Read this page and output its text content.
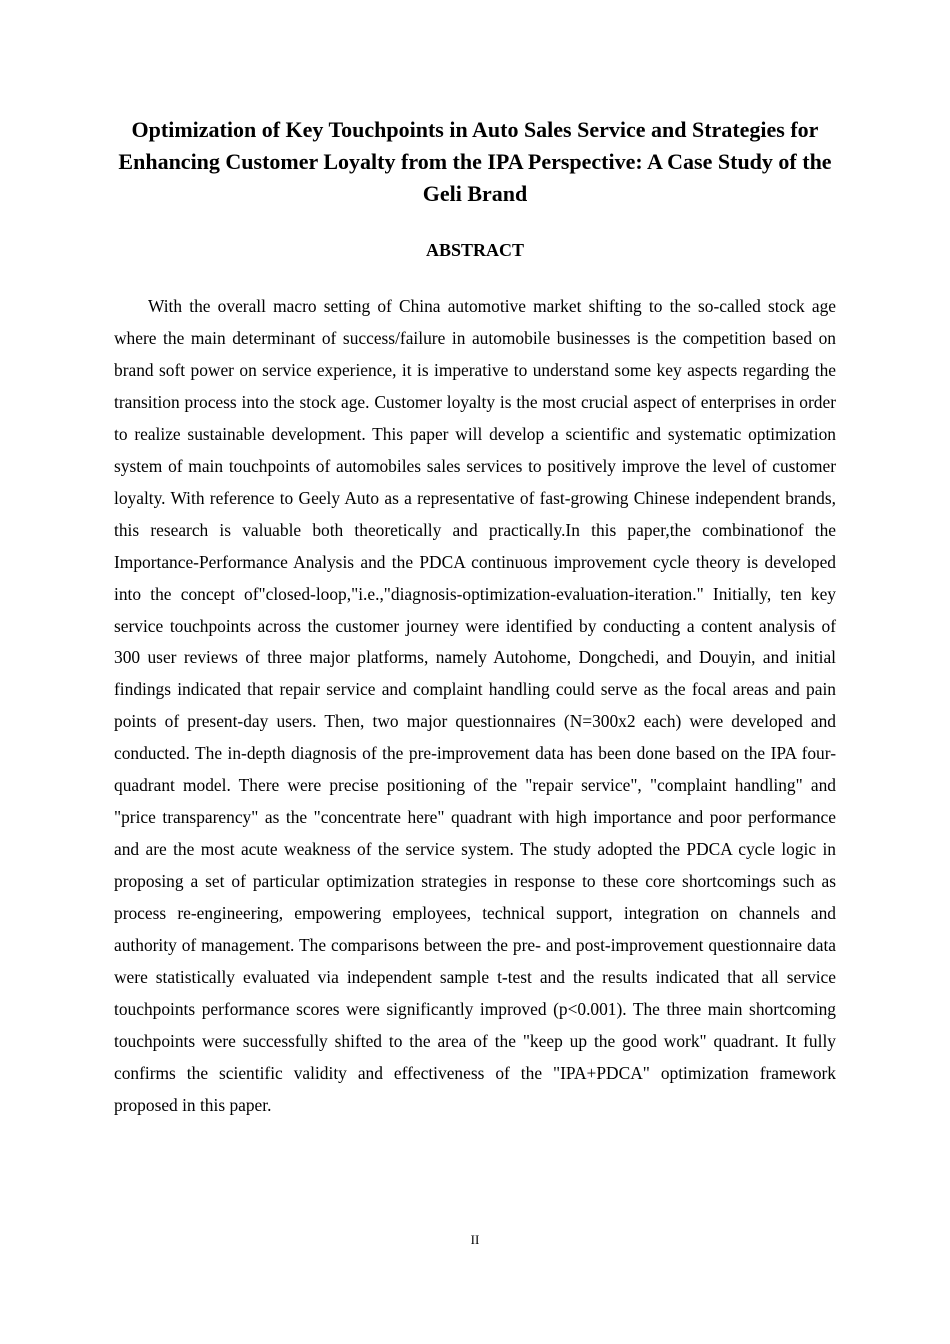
Optimization of Key Touchpoints in Auto Sales Service and Strategies for Enhancing Customer Loyalty from the IPA Perspective: A Case Study of the Geli Brand
ABSTRACT

With the overall macro setting of China automotive market shifting to the so-called stock age where the main determinant of success/failure in automobile businesses is the competition based on brand soft power on service experience, it is imperative to understand some key aspects regarding the transition process into the stock age. Customer loyalty is the most crucial aspect of enterprises in order to realize sustainable development. This paper will develop a scientific and systematic optimization system of main touchpoints of automobiles sales services to positively improve the level of customer loyalty. With reference to Geely Auto as a representative of fast-growing Chinese independent brands, this research is valuable both theoretically and practically.In this paper,the combinationof the Importance-Performance Analysis and the PDCA continuous improvement cycle theory is developed into the concept of"closed-loop,"i.e.,"diagnosis-optimization-evaluation-iteration." Initially, ten key service touchpoints across the customer journey were identified by conducting a content analysis of 300 user reviews of three major platforms, namely Autohome, Dongchedi, and Douyin, and initial findings indicated that repair service and complaint handling could serve as the focal areas and pain points of present-day users. Then, two major questionnaires (N=300x2 each) were developed and conducted. The in-depth diagnosis of the pre-improvement data has been done based on the IPA four-quadrant model. There were precise positioning of the "repair service", "complaint handling" and "price transparency" as the "concentrate here" quadrant with high importance and poor performance and are the most acute weakness of the service system. The study adopted the PDCA cycle logic in proposing a set of particular optimization strategies in response to these core shortcomings such as process re-engineering, empowering employees, technical support, integration on channels and authority of management. The comparisons between the pre- and post-improvement questionnaire data were statistically evaluated via independent sample t-test and the results indicated that all service touchpoints performance scores were significantly improved (p<0.001). The three main shortcoming touchpoints were successfully shifted to the area of the "keep up the good work" quadrant. It fully confirms the scientific validity and effectiveness of the "IPA+PDCA" optimization framework proposed in this paper.

II
